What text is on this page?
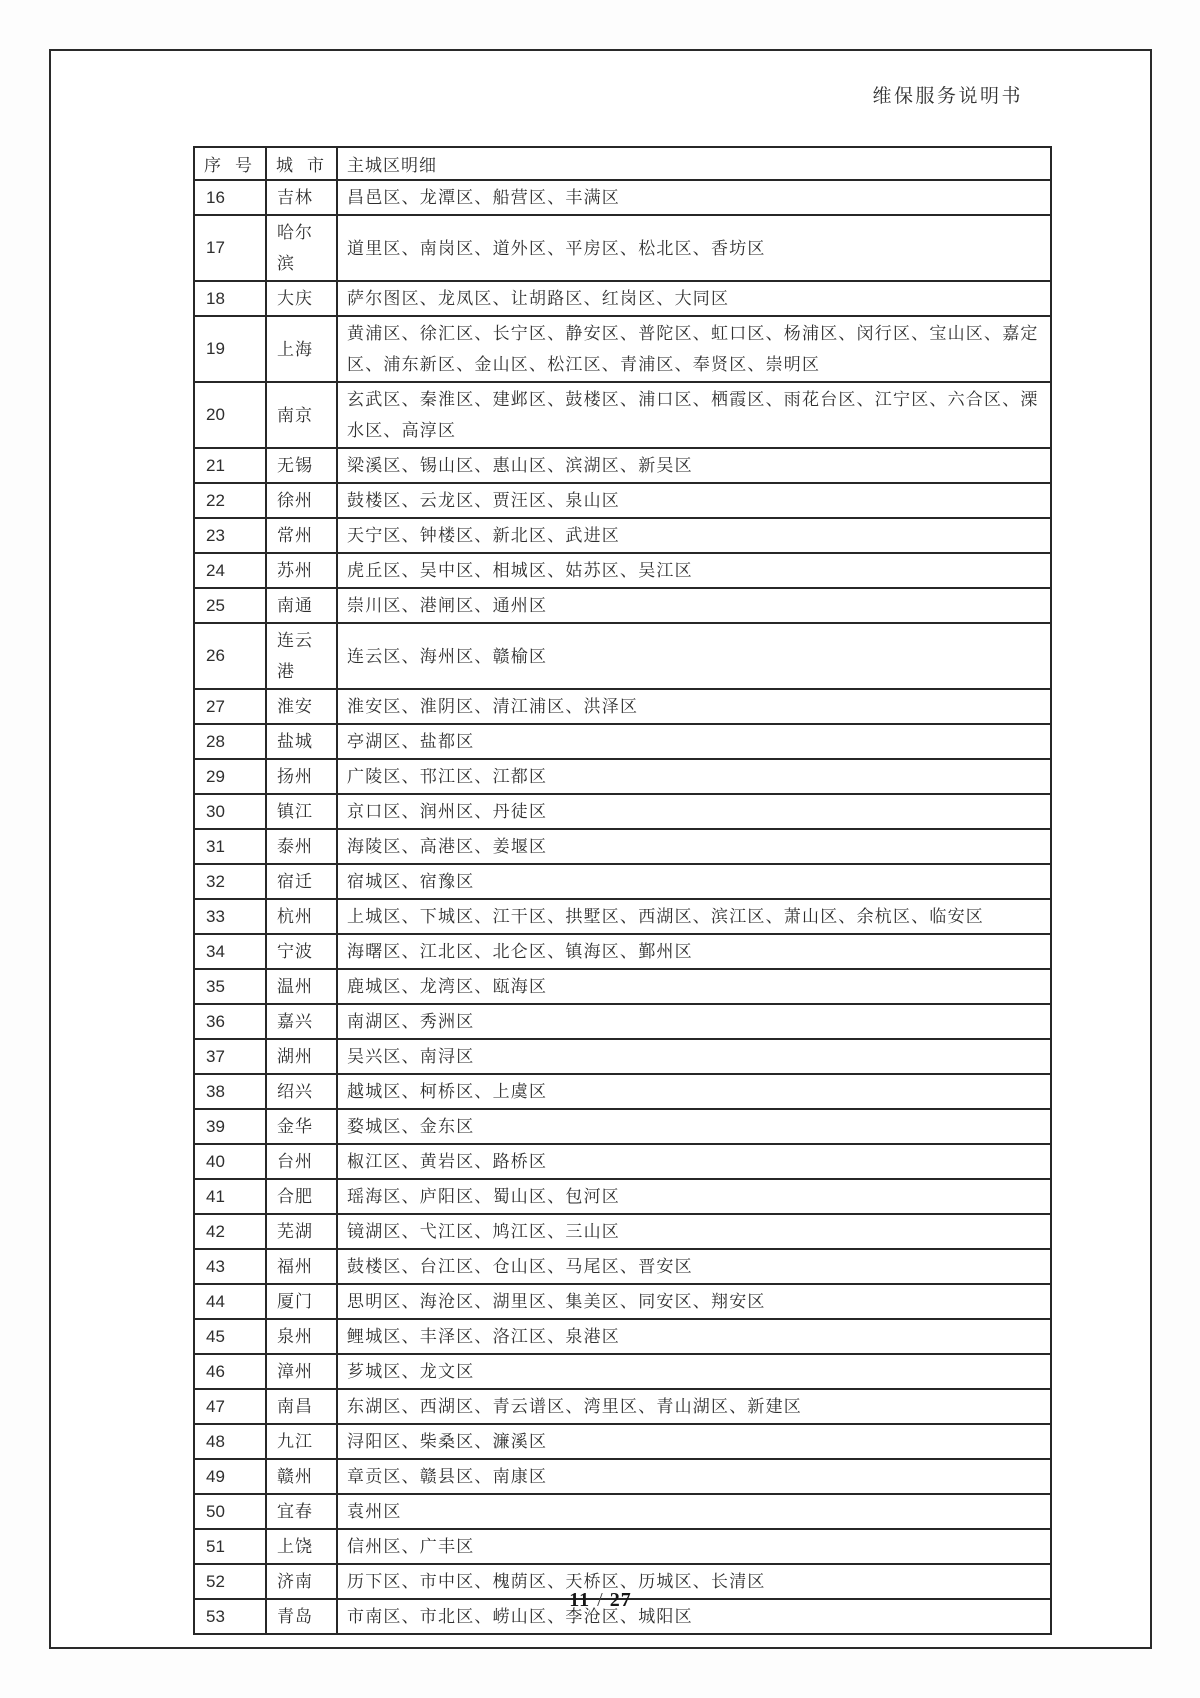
维保服务说明书
序号	城市	主城区明细
16	吉林	昌邑区、龙潭区、船营区、丰满区
17	哈尔滨	道里区、南岗区、道外区、平房区、松北区、香坊区
18	大庆	萨尔图区、龙凤区、让胡路区、红岗区、大同区
19	上海	黄浦区、徐汇区、长宁区、静安区、普陀区、虹口区、杨浦区、闵行区、宝山区、嘉定区、浦东新区、金山区、松江区、青浦区、奉贤区、崇明区
20	南京	玄武区、秦淮区、建邺区、鼓楼区、浦口区、栖霞区、雨花台区、江宁区、六合区、溧水区、高淳区
21	无锡	梁溪区、锡山区、惠山区、滨湖区、新吴区
22	徐州	鼓楼区、云龙区、贾汪区、泉山区
23	常州	天宁区、钟楼区、新北区、武进区
24	苏州	虎丘区、吴中区、相城区、姑苏区、吴江区
25	南通	崇川区、港闸区、通州区
26	连云港	连云区、海州区、赣榆区
27	淮安	淮安区、淮阴区、清江浦区、洪泽区
28	盐城	亭湖区、盐都区
29	扬州	广陵区、邗江区、江都区
30	镇江	京口区、润州区、丹徒区
31	泰州	海陵区、高港区、姜堰区
32	宿迁	宿城区、宿豫区
33	杭州	上城区、下城区、江干区、拱墅区、西湖区、滨江区、萧山区、余杭区、临安区
34	宁波	海曙区、江北区、北仑区、镇海区、鄞州区
35	温州	鹿城区、龙湾区、瓯海区
36	嘉兴	南湖区、秀洲区
37	湖州	吴兴区、南浔区
38	绍兴	越城区、柯桥区、上虞区
39	金华	婺城区、金东区
40	台州	椒江区、黄岩区、路桥区
41	合肥	瑶海区、庐阳区、蜀山区、包河区
42	芜湖	镜湖区、弋江区、鸠江区、三山区
43	福州	鼓楼区、台江区、仓山区、马尾区、晋安区
44	厦门	思明区、海沧区、湖里区、集美区、同安区、翔安区
45	泉州	鲤城区、丰泽区、洛江区、泉港区
46	漳州	芗城区、龙文区
47	南昌	东湖区、西湖区、青云谱区、湾里区、青山湖区、新建区
48	九江	浔阳区、柴桑区、濂溪区
49	赣州	章贡区、赣县区、南康区
50	宜春	袁州区
51	上饶	信州区、广丰区
52	济南	历下区、市中区、槐荫区、天桥区、历城区、长清区
53	青岛	市南区、市北区、崂山区、李沧区、城阳区
11 / 27
